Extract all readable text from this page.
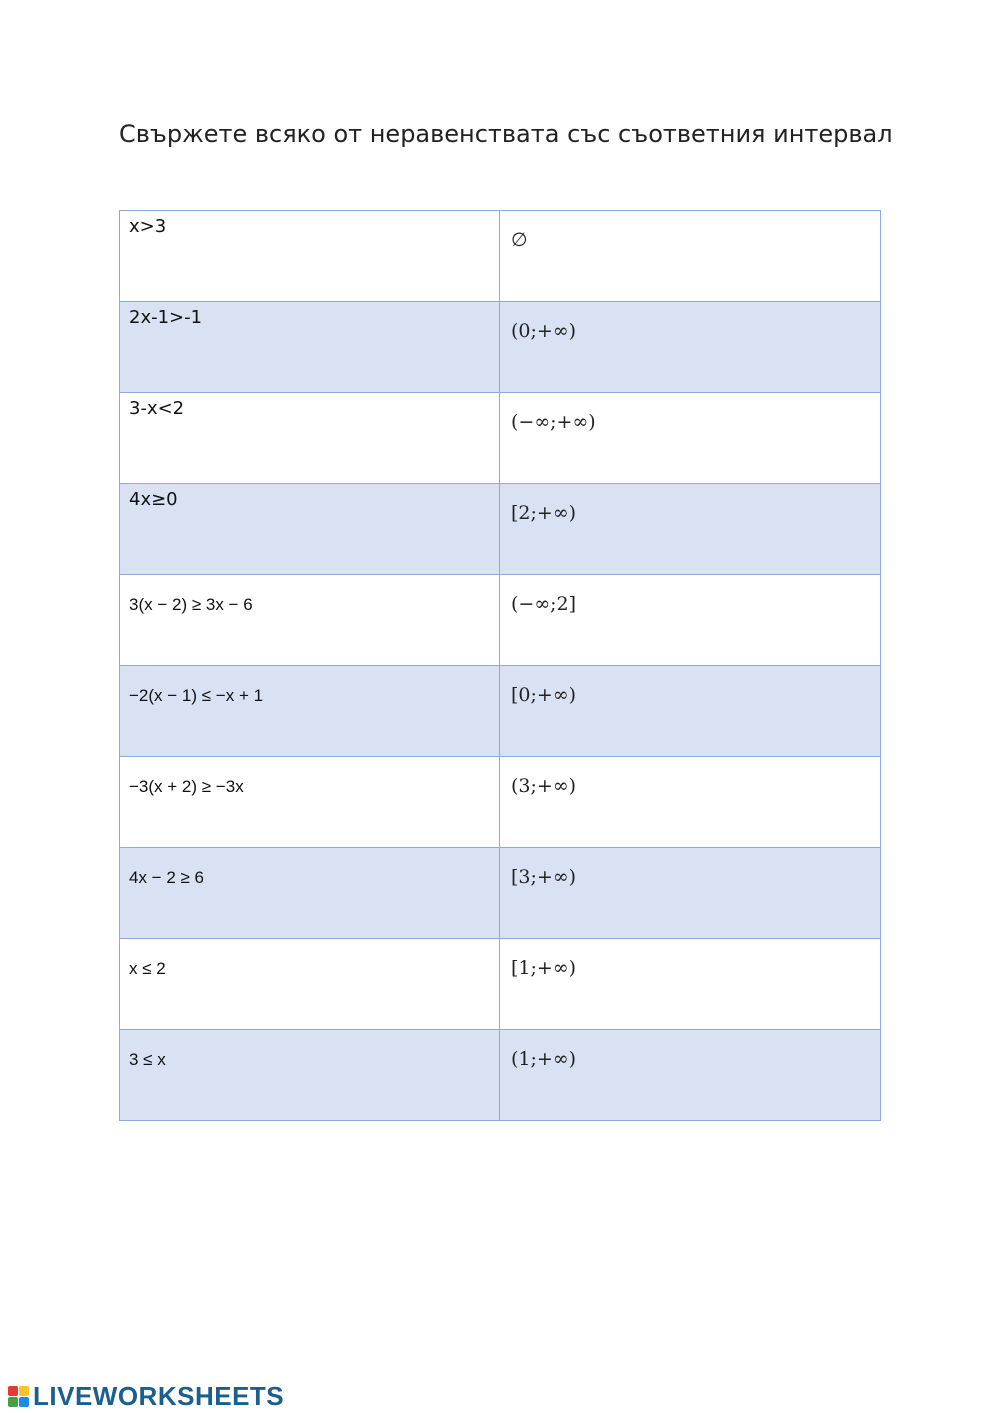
Свържете всяко от неравенствата със съответния интервал
x>3	∅

2x-1>-1	(0;+∞)

3-x<2	(−∞;+∞)

4x≥0	[2;+∞)

3(x − 2) ≥ 3x − 6	(−∞;2]

−2(x − 1) ≤ −x + 1	[0;+∞)

−3(x + 2) ≥ −3x	(3;+∞)

4x − 2 ≥ 6	[3;+∞)

x ≤ 2	[1;+∞)

3 ≤ x	(1;+∞)
LIVEWORKSHEETS
